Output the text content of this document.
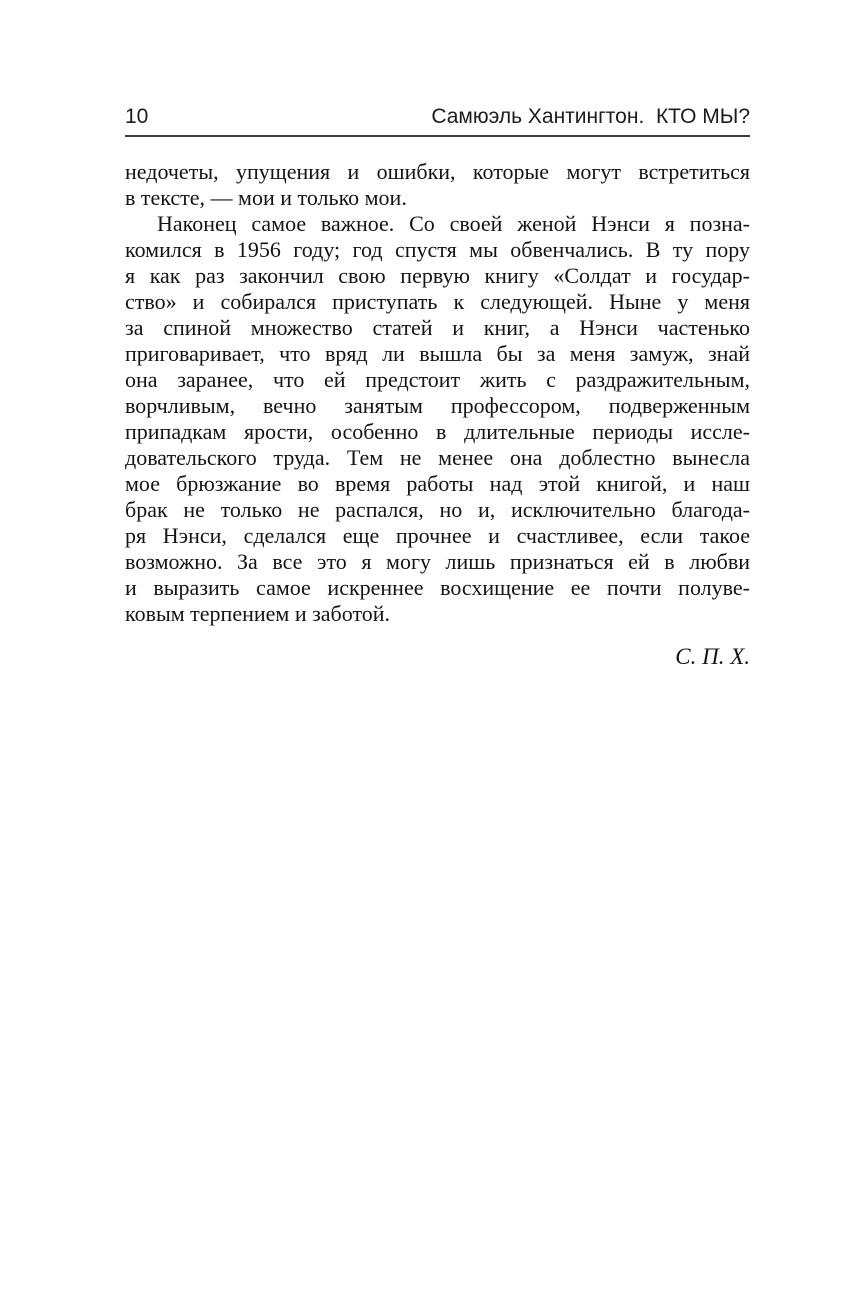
10	Самюэль Хантингтон.  КТО МЫ?
недочеты, упущения и ошибки, которые могут встретиться
в тексте, — мои и только мои.
Наконец самое важное. Со своей женой Нэнси я позна-
комился в 1956 году; год спустя мы обвенчались. В ту пору
я как раз закончил свою первую книгу «Солдат и государ-
ство» и собирался приступать к следующей. Ныне у меня
за спиной множество статей и книг, а Нэнси частенько
приговаривает, что вряд ли вышла бы за меня замуж, знай
она заранее, что ей предстоит жить с раздражительным,
ворчливым, вечно занятым профессором, подверженным
припадкам ярости, особенно в длительные периоды иссле-
довательского труда. Тем не менее она доблестно вынесла
мое брюзжание во время работы над этой книгой, и наш
брак не только не распался, но и, исключительно благода-
ря Нэнси, сделался еще прочнее и счастливее, если такое
возможно. За все это я могу лишь признаться ей в любви
и выразить самое искреннее восхищение ее почти полуве-
ковым терпением и заботой.
С. П. Х.
